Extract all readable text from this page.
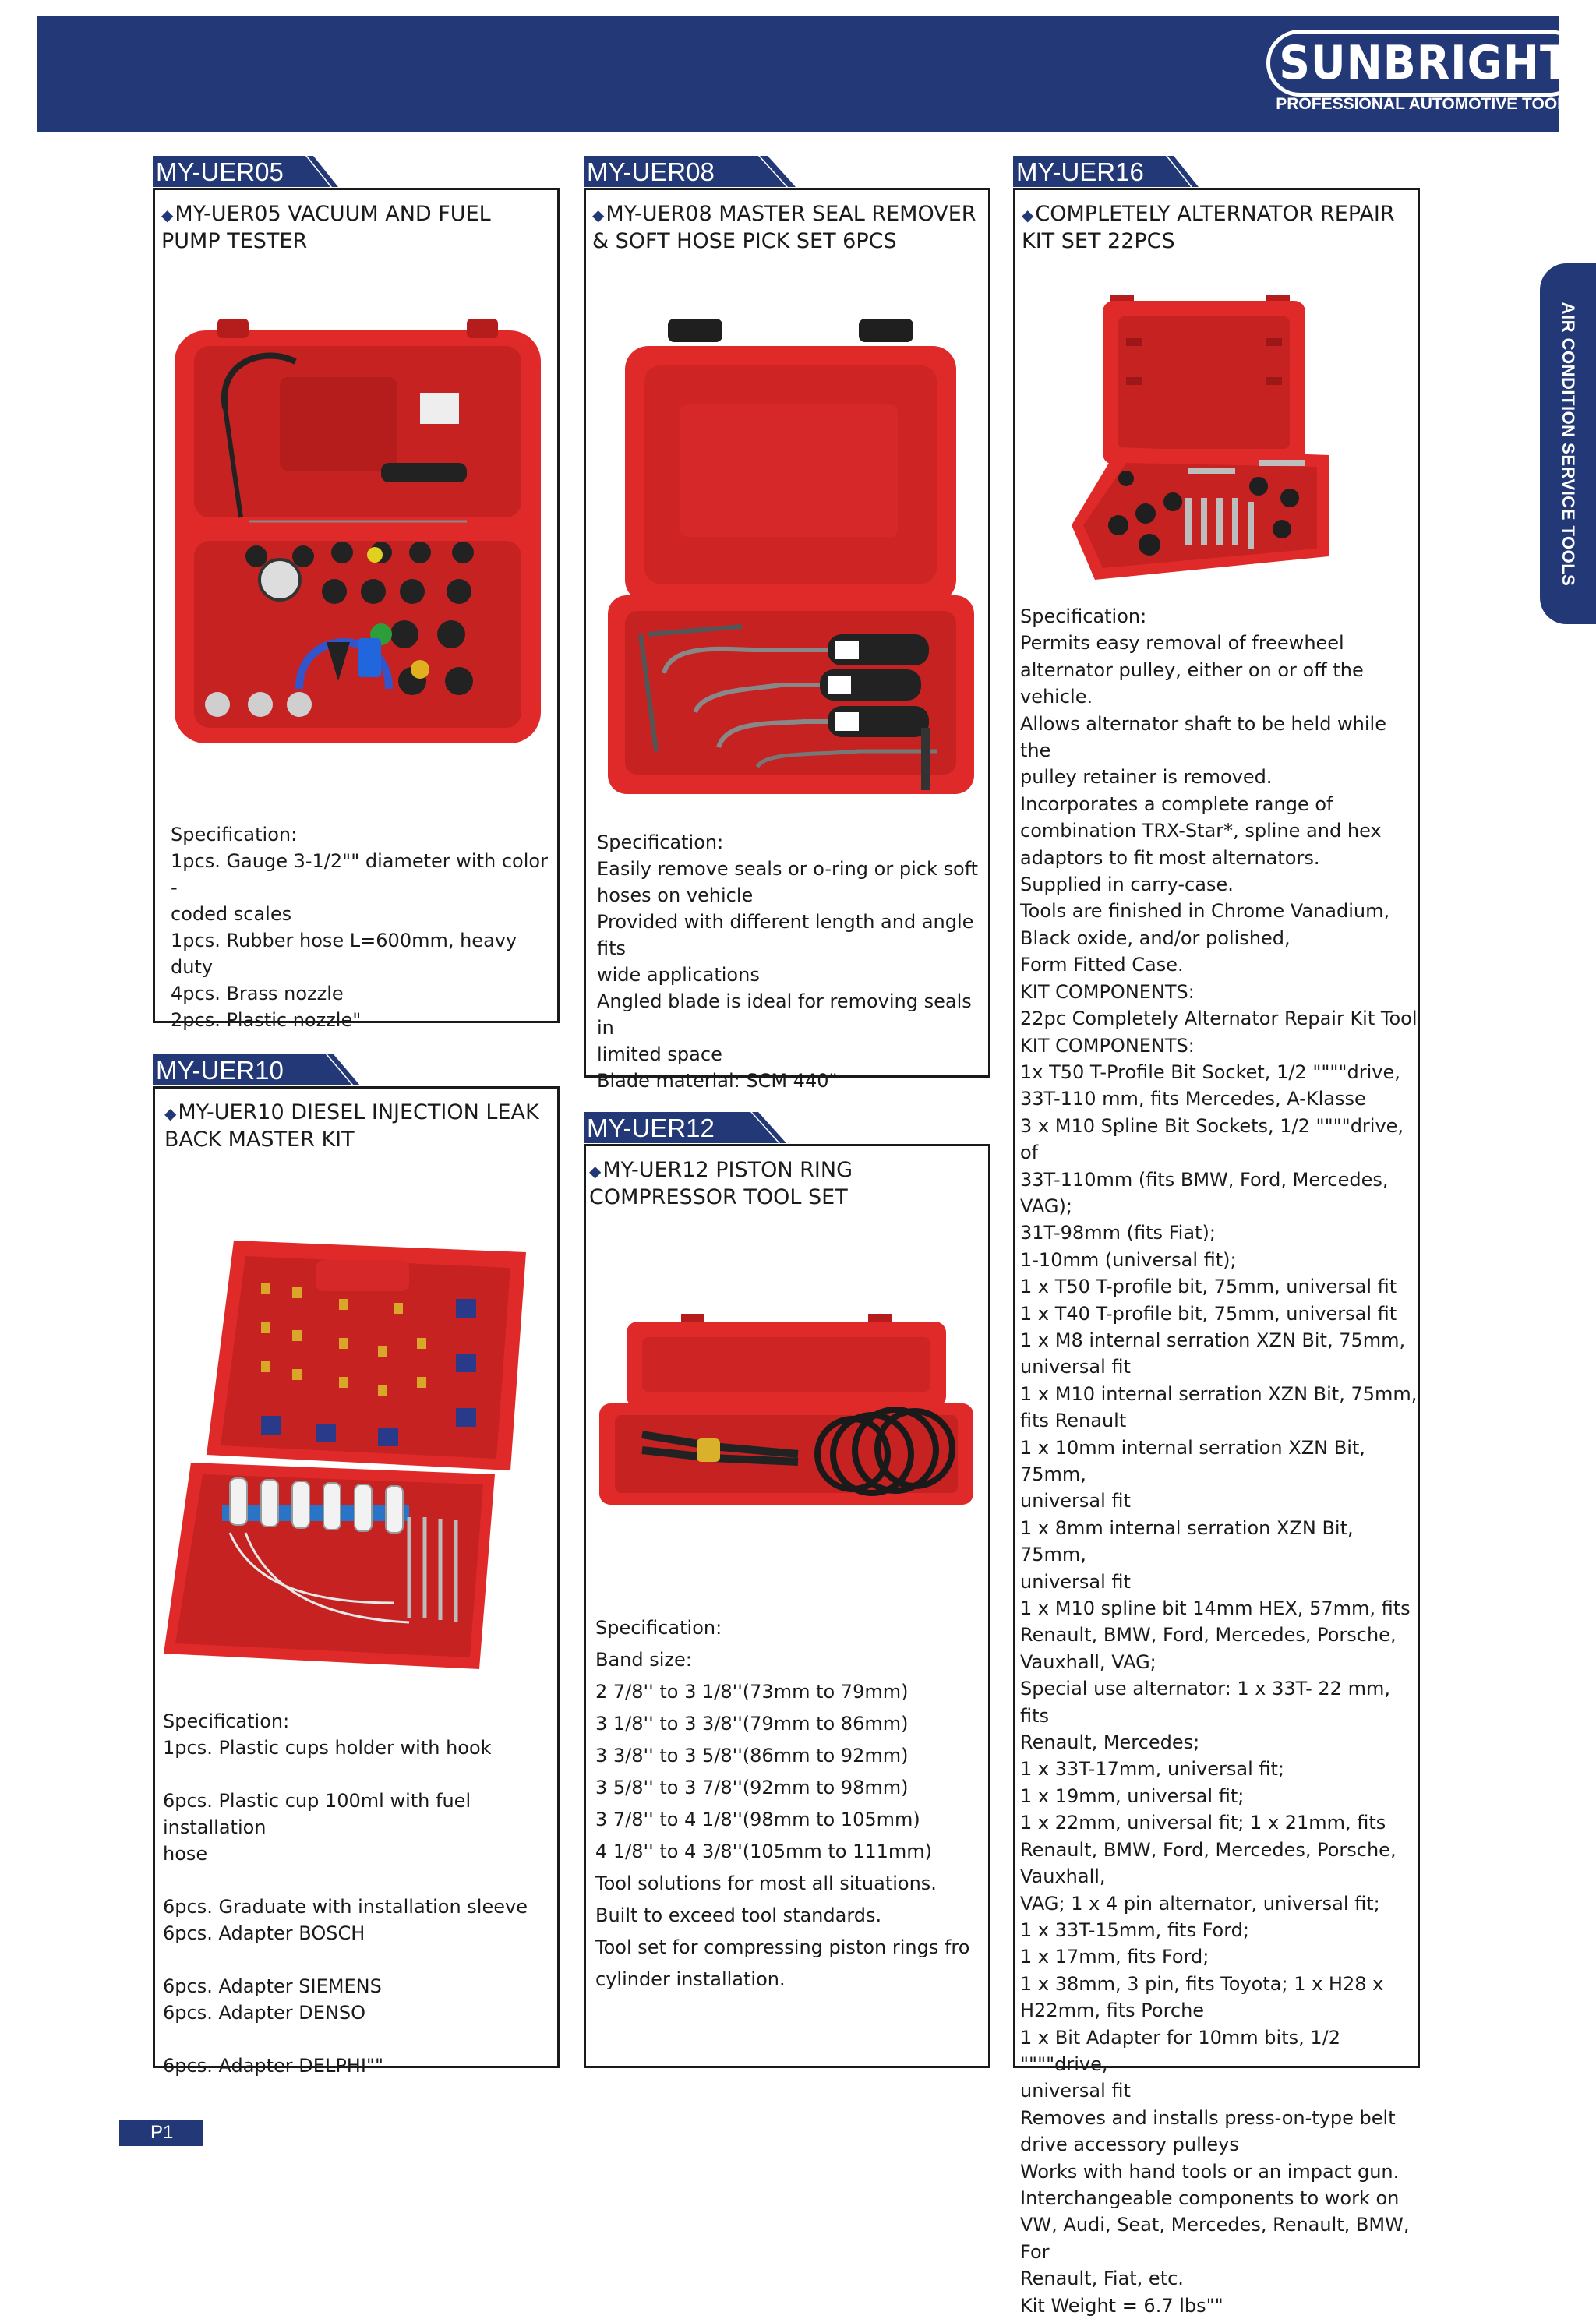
SUNBRIGHT
PROFESSIONAL AUTOMOTIVE TOOLS
AIR CONDITION SERVICE TOOLS
MY-UER05
◆MY-UER05 VACUUM AND FUEL PUMP TESTER
Specification:
1pcs. Gauge 3-1/2"" diameter with color -
coded scales
1pcs. Rubber hose L=600mm, heavy duty
4pcs. Brass nozzle
2pcs. Plastic nozzle"
MY-UER08
◆MY-UER08 MASTER SEAL REMOVER & SOFT HOSE PICK SET 6PCS
Specification:
Easily remove seals or o-ring or pick soft
hoses on vehicle
Provided with different length and angle fits
wide applications
Angled blade is ideal for removing seals in
limited space
Blade material: SCM 440"
MY-UER16
◆COMPLETELY ALTERNATOR REPAIR KIT SET 22PCS
Specification:
Permits easy removal of freewheel
alternator pulley, either on or off the vehicle.
Allows alternator shaft to be held while the
pulley retainer is removed.
Incorporates a complete range of
combination TRX-Star*, spline and hex
adaptors to fit most alternators.
Supplied in carry-case.
Tools are finished in Chrome Vanadium,
Black oxide, and/or polished,
Form Fitted Case.
KIT COMPONENTS:
22pc Completely Alternator Repair Kit Tool
KIT COMPONENTS:
1x T50 T-Profile Bit Socket, 1/2 """"drive,
33T-110 mm, fits Mercedes, A-Klasse
3 x M10 Spline Bit Sockets, 1/2 """"drive, of
33T-110mm (fits BMW, Ford, Mercedes, VAG);
31T-98mm (fits Fiat);
1-10mm (universal fit);
1 x T50 T-profile bit, 75mm, universal fit
1 x T40 T-profile bit, 75mm, universal fit
1 x M8 internal serration XZN Bit, 75mm,
universal fit
1 x M10 internal serration XZN Bit, 75mm,
fits Renault
1 x 10mm internal serration XZN Bit, 75mm,
universal fit
1 x 8mm internal serration XZN Bit, 75mm,
universal fit
1 x M10 spline bit 14mm HEX, 57mm, fits
Renault, BMW, Ford, Mercedes, Porsche,
Vauxhall, VAG;
Special use alternator: 1 x 33T- 22 mm, fits
Renault, Mercedes;
1 x 33T-17mm, universal fit;
1 x 19mm, universal fit;
1 x 22mm, universal fit; 1 x 21mm, fits
Renault, BMW, Ford, Mercedes, Porsche,
Vauxhall,
VAG; 1 x 4 pin alternator, universal fit;
1 x 33T-15mm, fits Ford;
1 x 17mm, fits Ford;
1 x 38mm, 3 pin, fits Toyota; 1 x H28 x
H22mm, fits Porche
1 x Bit Adapter for 10mm bits, 1/2 """"drive,
universal fit
Removes and installs press-on-type belt
drive accessory pulleys
Works with hand tools or an impact gun.
Interchangeable components to work on
VW, Audi, Seat, Mercedes, Renault, BMW, For
Renault, Fiat, etc.
Kit Weight = 6.7 lbs""
MY-UER10
◆MY-UER10 DIESEL INJECTION LEAK BACK MASTER KIT
Specification:
1pcs. Plastic cups holder with hook

6pcs. Plastic cup 100ml with fuel installation
hose

6pcs. Graduate with installation sleeve
6pcs. Adapter BOSCH

6pcs. Adapter SIEMENS
6pcs. Adapter DENSO

6pcs. Adapter DELPHI""
MY-UER12
◆MY-UER12 PISTON RING COMPRESSOR TOOL SET
Specification:
Band size:
2 7/8'' to 3 1/8''(73mm to 79mm)
3 1/8'' to 3 3/8''(79mm to 86mm)
3 3/8'' to 3 5/8''(86mm to 92mm)
3 5/8'' to 3 7/8''(92mm to 98mm)
3 7/8'' to 4 1/8''(98mm to 105mm)
4 1/8'' to 4 3/8''(105mm to 111mm)
Tool solutions for most all situations.
Built to exceed tool standards.
Tool set for compressing piston rings fro
cylinder installation.
P1
